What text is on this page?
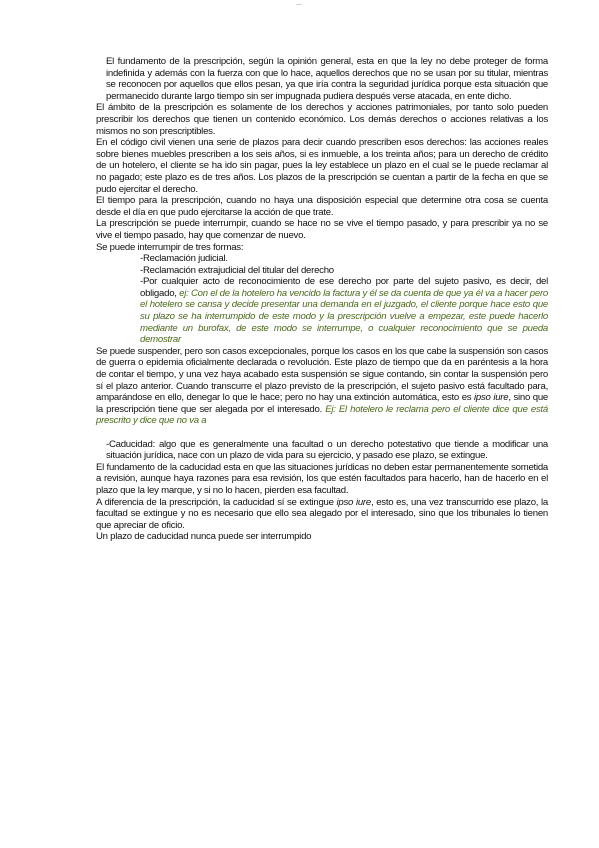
...

El fundamento de la prescripción, según la opinión general, esta en que la ley no debe proteger de forma indefinida y además con la fuerza con que lo hace, aquellos derechos que no se usan por su titular, mientras se reconocen por aquellos que ellos pesan, ya que iría contra la seguridad jurídica porque esta situación que permanecido durante largo tiempo sin ser impugnada pudiera después verse atacada, en ente dicho.

El ámbito de la prescripción es solamente de los derechos y acciones patrimoniales, por tanto solo pueden prescribir los derechos que tienen un contenido económico. Los demás derechos o acciones relativas a los mismos no son prescriptibles.

En el código civil vienen una serie de plazos para decir cuando prescriben esos derechos: las acciones reales sobre bienes muebles prescriben a los seis años, si es inmueble, a los treinta años; para un derecho de crédito de un hotelero, el cliente se ha ido sin pagar, pues la ley establece un plazo en el cual se le puede reclamar al no pagado; este plazo es de tres años. Los plazos de la prescripción se cuentan a partir de la fecha en que se pudo ejercitar el derecho.

El tiempo para la prescripción, cuando no haya una disposición especial que determine otra cosa se cuenta desde el día en que pudo ejercitarse la acción de que trate.

La prescripción se puede interrumpir, cuando se hace no se vive el tiempo pasado, y para prescribir ya no se vive el tiempo pasado, hay que comenzar de nuevo.

Se puede interrumpir de tres formas:

-Reclamación judicial.

-Reclamación extrajudicial del titular del derecho

-Por cualquier acto de reconocimiento de ese derecho por parte del sujeto pasivo, es decir, del obligado, ej: Con el de la hotelero ha vencido la factura y él se da cuenta de que ya él va a hacer pero el hotelero se cansa y decide presentar una demanda en el juzgado, el cliente porque hace esto que su plazo se ha interrumpido de este modo y la prescripción vuelve a empezar, este puede hacerlo mediante un burofax, de este modo se interrumpe, o cualquier reconocimiento que se pueda demostrar

Se puede suspender, pero son casos excepcionales, porque los casos en los que cabe la suspensión son casos de guerra o epidemia oficialmente declarada o revolución. Este plazo de tiempo que da en paréntesis a la hora de contar el tiempo, y una vez haya acabado esta suspensión se sigue contando, sin contar la suspensión pero sí el plazo anterior. Cuando transcurre el plazo previsto de la prescripción, el sujeto pasivo está facultado para, amparándose en ello, denegar lo que le hace; pero no hay una extinción automática, esto es ipso iure, sino que la prescripción tiene que ser alegada por el interesado. Ej: El hotelero le reclama pero el cliente dice que está prescrito y dice que no va a

-Caducidad: algo que es generalmente una facultad o un derecho potestativo que tiende a modificar una situación jurídica, nace con un plazo de vida para su ejercicio, y pasado ese plazo, se extingue.

El fundamento de la caducidad esta en que las situaciones jurídicas no deben estar permanentemente sometida a revisión, aunque haya razones para esa revisión, los que estén facultados para hacerlo, han de hacerlo en el plazo que la ley marque, y si no lo hacen, pierden esa facultad.

A diferencia de la prescripción, la caducidad sí se extingue ipso iure, esto es, una vez transcurrido ese plazo, la facultad se extingue y no es necesario que ello sea alegado por el interesado, sino que los tribunales lo tienen que apreciar de oficio.

Un plazo de caducidad nunca puede ser interrumpido
